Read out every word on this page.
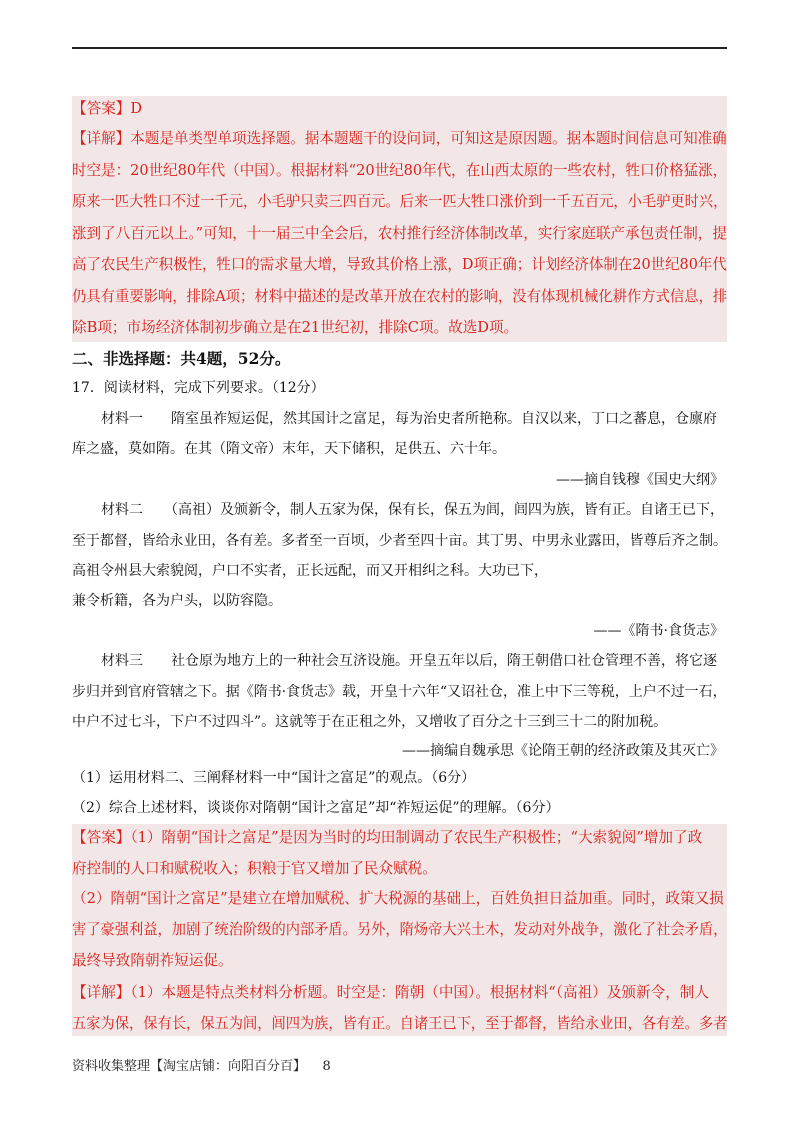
【答案】D
【详解】本题是单类型单项选择题。据本题题干的设问词，可知这是原因题。据本题时间信息可知准确
时空是：20世纪80年代（中国）。根据材料“20世纪80年代，在山西太原的一些农村，牲口价格猛涨，
原来一匹大牲口不过一千元，小毛驴只卖三四百元。后来一匹大牲口涨价到一千五百元，小毛驴更时兴，
涨到了八百元以上。”可知，十一届三中全会后，农村推行经济体制改革，实行家庭联产承包责任制，提
高了农民生产积极性，牲口的需求量大增，导致其价格上涨，D项正确；计划经济体制在20世纪80年代
仍具有重要影响，排除A项；材料中描述的是改革开放在农村的影响，没有体现机械化耕作方式信息，排
除B项；市场经济体制初步确立是在21世纪初，排除C项。故选D项。
二、非选择题：共4题，52分。
17．阅读材料，完成下列要求。（12分）
材料一　　隋室虽祚短运促，然其国计之富足，每为治史者所艳称。自汉以来，丁口之蕃息，仓廪府
库之盛，莫如隋。在其（隋文帝）末年，天下储积，足供五、六十年。
——摘自钱穆《国史大纲》
材料二　　（高祖）及颁新令，制人五家为保，保有长，保五为闾，闾四为族，皆有正。自诸王已下，
至于都督，皆给永业田，各有差。多者至一百顷，少者至四十亩。其丁男、中男永业露田，皆尊后齐之制。
高祖令州县大索貌阅，户口不实者，正长远配，而又开相纠之科。大功已下，
兼令析籍，各为户头，以防容隐。
——《隋书·食货志》
材料三　　社仓原为地方上的一种社会互济设施。开皇五年以后，隋王朝借口社仓管理不善，将它逐
步归并到官府管辖之下。据《隋书·食货志》载，开皇十六年“又诏社仓，准上中下三等税，上户不过一石，
中户不过七斗，下户不过四斗”。这就等于在正租之外，又增收了百分之十三到三十二的附加税。
——摘编自魏承思《论隋王朝的经济政策及其灭亡》
（1）运用材料二、三阐释材料一中“国计之富足”的观点。（6分）
（2）综合上述材料，谈谈你对隋朝“国计之富足”却“祚短运促”的理解。（6分）
【答案】（1）隋朝“国计之富足”是因为当时的均田制调动了农民生产积极性；“大索貌阅”增加了政
府控制的人口和赋税收入；积粮于官又增加了民众赋税。
（2）隋朝“国计之富足”是建立在增加赋税、扩大税源的基础上，百姓负担日益加重。同时，政策又损
害了豪强利益，加剧了统治阶级的内部矛盾。另外，隋炀帝大兴土木，发动对外战争，激化了社会矛盾，
最终导致隋朝祚短运促。
【详解】（1）本题是特点类材料分析题。时空是：隋朝（中国）。根据材料“（高祖）及颁新令，制人
五家为保，保有长，保五为闾，闾四为族，皆有正。自诸王已下，至于都督，皆给永业田，各有差。多者
资料收集整理【淘宝店铺：向阳百分百】 8
